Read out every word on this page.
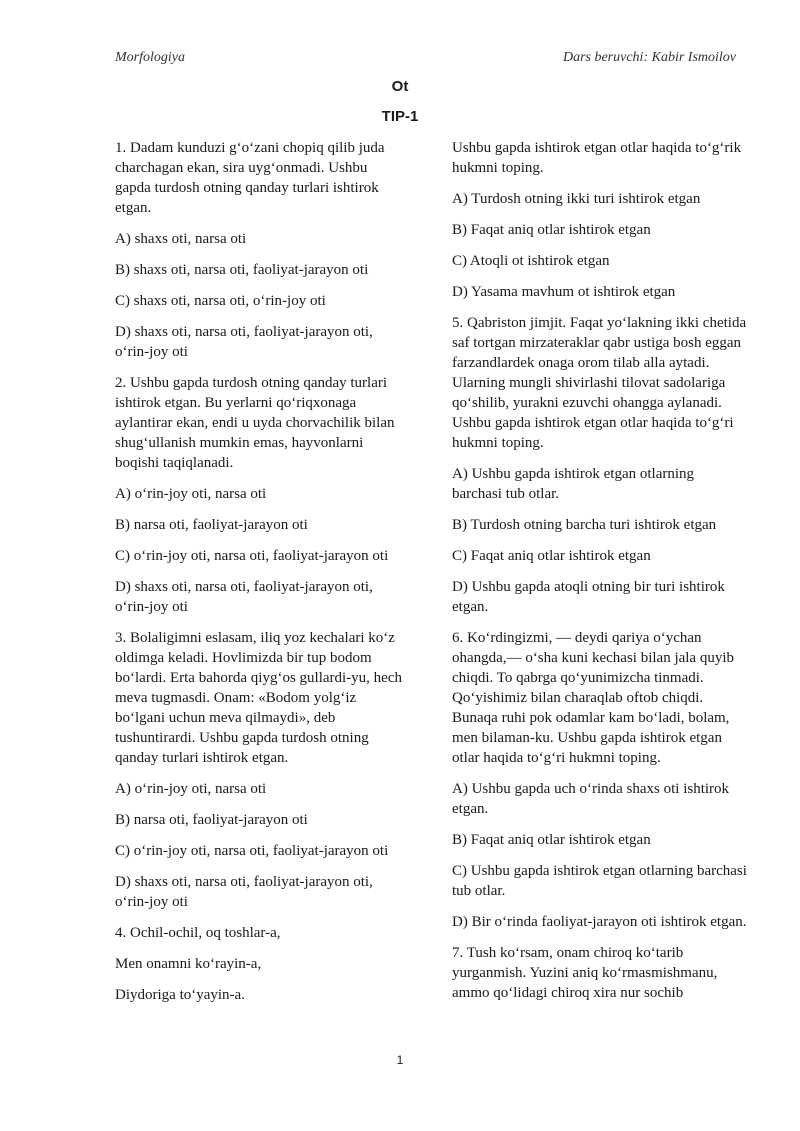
Morfologiya	Dars beruvchi: Kabir Ismoilov
Ot
TIP-1

1. Dadam kunduzi g‘o‘zani chopiq qilib juda charchagan ekan, sira uyg‘onmadi. Ushbu gapda turdosh otning qanday turlari ishtirok etgan.

A) shaxs oti, narsa oti

B) shaxs oti, narsa oti, faoliyat-jarayon oti

C) shaxs oti, narsa oti, o‘rin-joy oti

D) shaxs oti, narsa oti, faoliyat-jarayon oti, o‘rin-joy oti

2. Ushbu gapda turdosh otning qanday turlari ishtirok etgan. Bu yerlarni qo‘riqxonaga aylantirar ekan, endi u uyda chorvachilik bilan shug‘ullanish mumkin emas, hayvonlarni boqishi taqiqlanadi.

A) o‘rin-joy oti, narsa oti

B) narsa oti, faoliyat-jarayon oti

C) o‘rin-joy oti, narsa oti, faoliyat-jarayon oti

D) shaxs oti, narsa oti, faoliyat-jarayon oti, o‘rin-joy oti

3. Bolaligimni eslasam, iliq yoz kechalari ko‘z oldimga keladi. Hovlimizda bir tup bodom bo‘lardi. Erta bahorda qiyg‘os gullardi-yu, hech meva tugmasdi. Onam: «Bodom yolg‘iz bo‘lgani uchun meva qilmaydi», deb tushuntirardi. Ushbu gapda turdosh otning qanday turlari ishtirok etgan.

A) o‘rin-joy oti, narsa oti

B) narsa oti, faoliyat-jarayon oti

C) o‘rin-joy oti, narsa oti, faoliyat-jarayon oti

D) shaxs oti, narsa oti, faoliyat-jarayon oti, o‘rin-joy oti

4. Ochil-ochil, oq toshlar-a,

Men onamni ko‘rayin-a,

Diydoriga to‘yayin-a.

Ushbu gapda ishtirok etgan otlar haqida to‘g‘rik hukmni toping.

A) Turdosh otning ikki turi ishtirok etgan

B) Faqat aniq otlar ishtirok etgan

C) Atoqli ot ishtirok etgan

D) Yasama mavhum ot ishtirok etgan

5. Qabriston jimjit. Faqat yo‘lakning ikki chetida saf tortgan mirzateraklar qabr ustiga bosh eggan farzandlardek onaga orom tilab alla aytadi. Ularning mungli shivirlashi tilovat sadolariga qo‘shilib, yuraknі ezuvchi ohangga aylanadi. Ushbu gapda ishtirok etgan otlar haqida to‘g‘ri hukmni toping.

A) Ushbu gapda ishtirok etgan otlarning barchasi tub otlar.

B) Turdosh otning barcha turi ishtirok etgan

C) Faqat aniq otlar ishtirok etgan

D) Ushbu gapda atoqli otning bir turi ishtirok etgan.

6. Ko‘rdingizmi, — deydi qariya o‘ychan ohangda,— o‘sha kuni kechasi bilan jala quyib chiqdi. To qabrga qo‘yunimizcha tinmadi. Qo‘yishimiz bilan charaqlab oftob chiqdi. Bunaqa ruhi pok odamlar kam bo‘ladi, bolam, men bilaman-ku. Ushbu gapda ishtirok etgan otlar haqida to‘g‘ri hukmni toping.

A) Ushbu gapda uch o‘rinda shaxs oti ishtirok etgan.

B) Faqat aniq otlar ishtirok etgan

C) Ushbu gapda ishtirok etgan otlarning barchasi tub otlar.

D) Bir o‘rinda faoliyat-jarayon oti ishtirok etgan.

7. Tush ko‘rsam, onam chiroq ko‘tarib yurganmish. Yuzini aniq ko‘rmasmishmanu, ammo qo‘lidagi chiroq xira nur sochib

1
